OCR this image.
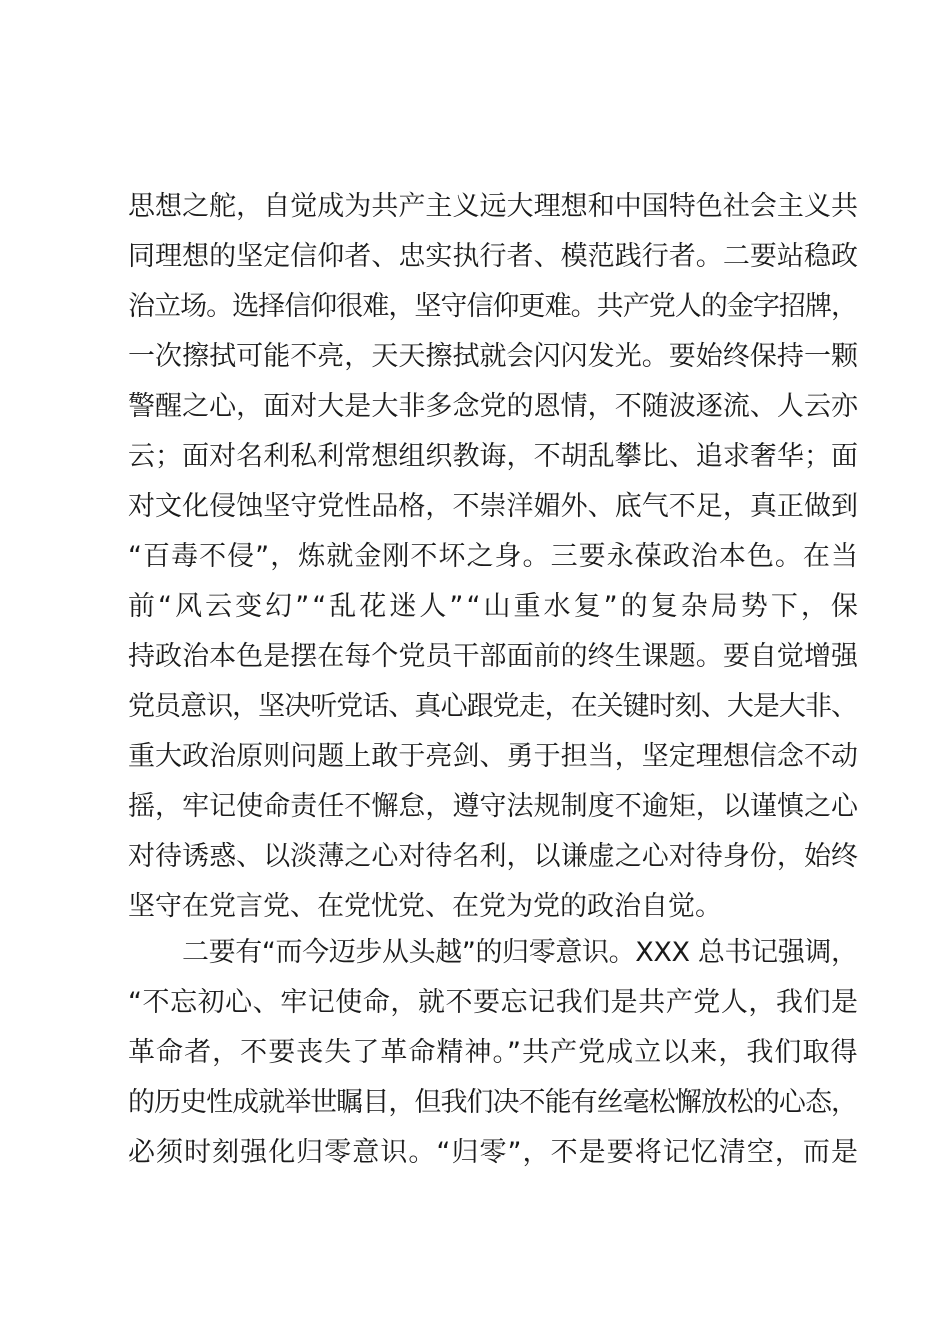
思想之舵，自觉成为共产主义远大理想和中国特色社会主义共
同理想的坚定信仰者、忠实执行者、模范践行者。二要站稳政
治立场。选择信仰很难，坚守信仰更难。共产党人的金字招牌，
一次擦拭可能不亮，天天擦拭就会闪闪发光。要始终保持一颗
警醒之心，面对大是大非多念党的恩情，不随波逐流、人云亦
云；面对名利私利常想组织教诲，不胡乱攀比、追求奢华；面
对文化侵蚀坚守党性品格，不崇洋媚外、底气不足，真正做到
“百毒不侵”，炼就金刚不坏之身。三要永葆政治本色。在当
前“风云变幻”“乱花迷人”“山重水复”的复杂局势下，保
持政治本色是摆在每个党员干部面前的终生课题。要自觉增强
党员意识，坚决听党话、真心跟党走，在关键时刻、大是大非、
重大政治原则问题上敢于亮剑、勇于担当，坚定理想信念不动
摇，牢记使命责任不懈怠，遵守法规制度不逾矩，以谨慎之心
对待诱惑、以淡薄之心对待名利，以谦虚之心对待身份，始终
坚守在党言党、在党忧党、在党为党的政治自觉。
二要有“而今迈步从头越”的归零意识。XXX 总书记强调，
“不忘初心、牢记使命，就不要忘记我们是共产党人，我们是
革命者，不要丧失了革命精神。”共产党成立以来，我们取得
的历史性成就举世瞩目，但我们决不能有丝毫松懈放松的心态，
必须时刻强化归零意识。“归零”，不是要将记忆清空，而是
